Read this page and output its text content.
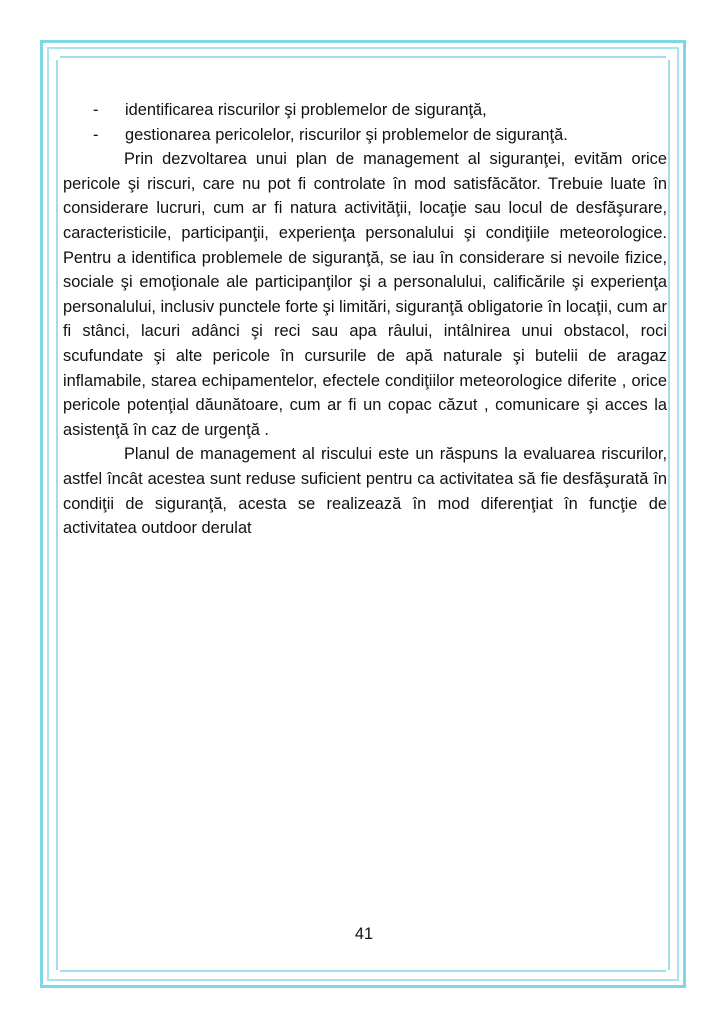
-	identificarea riscurilor şi problemelor de siguranţă,
-	gestionarea pericolelor, riscurilor şi problemelor de siguranţă.

Prin dezvoltarea unui plan de management al siguranţei, evităm orice pericole şi riscuri, care nu pot fi controlate în mod satisfăcător. Trebuie luate în considerare lucruri, cum ar fi natura activităţii, locaţie sau locul de desfăşurare, caracteristicile, participanţii, experienţa personalului şi condiţiile meteorologice. Pentru a identifica problemele de siguranţă, se iau în considerare si nevoile fizice, sociale şi emoţionale ale participanţilor şi a personalului, calificările şi experienţa personalului, inclusiv punctele forte şi limitări, siguranţă obligatorie în locaţii, cum ar fi stânci, lacuri adânci şi reci sau apa râului, intâlnirea unui obstacol, roci scufundate şi alte pericole în cursurile de apă naturale şi butelii de aragaz inflamabile, starea echipamentelor, efectele condiţiilor meteorologice diferite , orice pericole potenţial dăunătoare, cum ar fi un copac căzut , comunicare şi acces la asistenţă în caz de urgenţă .

Planul de management al riscului este un răspuns la evaluarea riscurilor, astfel încât acestea sunt reduse suficient pentru ca activitatea să fie desfăşurată în condiţii de siguranţă, acesta se realizează în mod diferenţiat în funcţie de activitatea outdoor derulat

41
